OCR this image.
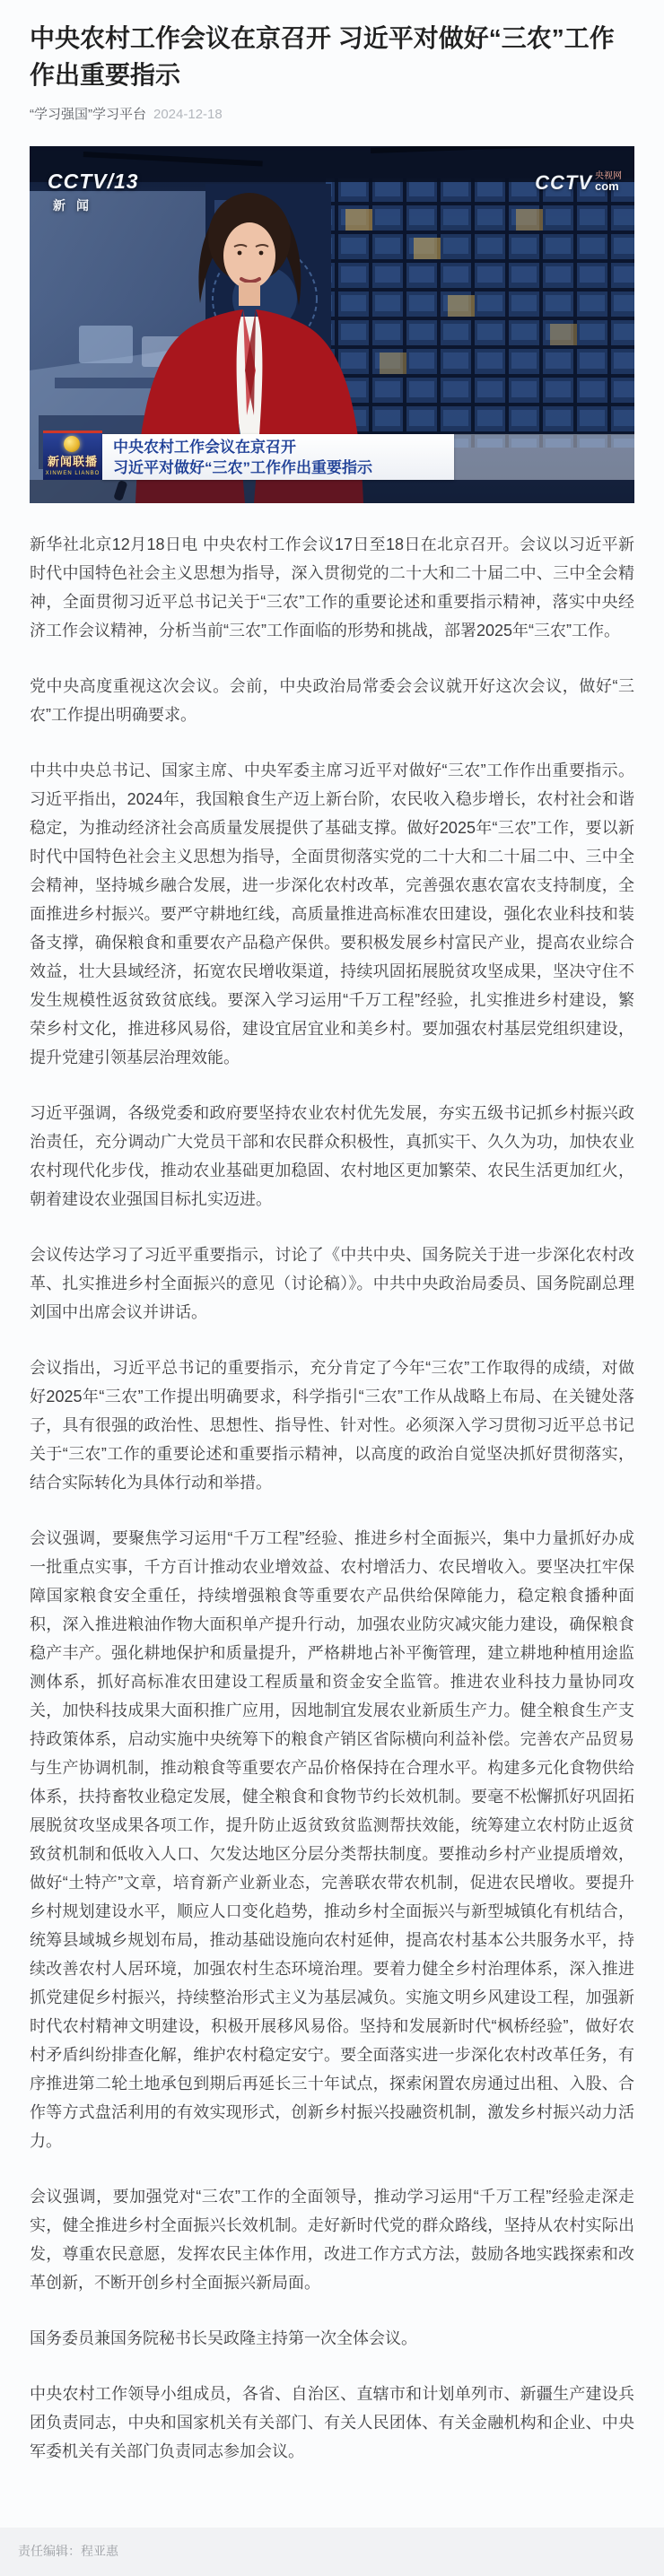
中央农村工作会议在京召开 习近平对做好“三农”工作作出重要指示
“学习强国”学习平台 2024-12-18
CCTV/13
新闻
CCTV 央视网
com
新闻联播
XINWEN LIANBO
中央农村工作会议在京召开
习近平对做好“三农”工作作出重要指示

新华社北京12月18日电 中央农村工作会议17日至18日在北京召开。会议以习近平新时代中国特色社会主义思想为指导，深入贯彻党的二十大和二十届二中、三中全会精神，全面贯彻习近平总书记关于“三农”工作的重要论述和重要指示精神，落实中央经济工作会议精神，分析当前“三农”工作面临的形势和挑战，部署2025年“三农”工作。

党中央高度重视这次会议。会前，中央政治局常委会会议就开好这次会议，做好“三农”工作提出明确要求。

中共中央总书记、国家主席、中央军委主席习近平对做好“三农”工作作出重要指示。习近平指出，2024年，我国粮食生产迈上新台阶，农民收入稳步增长，农村社会和谐稳定，为推动经济社会高质量发展提供了基础支撑。做好2025年“三农”工作，要以新时代中国特色社会主义思想为指导，全面贯彻落实党的二十大和二十届二中、三中全会精神，坚持城乡融合发展，进一步深化农村改革，完善强农惠农富农支持制度，全面推进乡村振兴。要严守耕地红线，高质量推进高标准农田建设，强化农业科技和装备支撑，确保粮食和重要农产品稳产保供。要积极发展乡村富民产业，提高农业综合效益，壮大县域经济，拓宽农民增收渠道，持续巩固拓展脱贫攻坚成果，坚决守住不发生规模性返贫致贫底线。要深入学习运用“千万工程”经验，扎实推进乡村建设，繁荣乡村文化，推进移风易俗，建设宜居宜业和美乡村。要加强农村基层党组织建设，提升党建引领基层治理效能。

习近平强调，各级党委和政府要坚持农业农村优先发展，夯实五级书记抓乡村振兴政治责任，充分调动广大党员干部和农民群众积极性，真抓实干、久久为功，加快农业农村现代化步伐，推动农业基础更加稳固、农村地区更加繁荣、农民生活更加红火，朝着建设农业强国目标扎实迈进。

会议传达学习了习近平重要指示，讨论了《中共中央、国务院关于进一步深化农村改革、扎实推进乡村全面振兴的意见（讨论稿）》。中共中央政治局委员、国务院副总理刘国中出席会议并讲话。

会议指出，习近平总书记的重要指示，充分肯定了今年“三农”工作取得的成绩，对做好2025年“三农”工作提出明确要求，科学指引“三农”工作从战略上布局、在关键处落子，具有很强的政治性、思想性、指导性、针对性。必须深入学习贯彻习近平总书记关于“三农”工作的重要论述和重要指示精神，以高度的政治自觉坚决抓好贯彻落实，结合实际转化为具体行动和举措。

会议强调，要聚焦学习运用“千万工程”经验、推进乡村全面振兴，集中力量抓好办成一批重点实事，千方百计推动农业增效益、农村增活力、农民增收入。要坚决扛牢保障国家粮食安全重任，持续增强粮食等重要农产品供给保障能力，稳定粮食播种面积，深入推进粮油作物大面积单产提升行动，加强农业防灾减灾能力建设，确保粮食稳产丰产。强化耕地保护和质量提升，严格耕地占补平衡管理，建立耕地种植用途监测体系，抓好高标准农田建设工程质量和资金安全监管。推进农业科技力量协同攻关，加快科技成果大面积推广应用，因地制宜发展农业新质生产力。健全粮食生产支持政策体系，启动实施中央统筹下的粮食产销区省际横向利益补偿。完善农产品贸易与生产协调机制，推动粮食等重要农产品价格保持在合理水平。构建多元化食物供给体系，扶持畜牧业稳定发展，健全粮食和食物节约长效机制。要毫不松懈抓好巩固拓展脱贫攻坚成果各项工作，提升防止返贫致贫监测帮扶效能，统筹建立农村防止返贫致贫机制和低收入人口、欠发达地区分层分类帮扶制度。要推动乡村产业提质增效，做好“土特产”文章，培育新产业新业态，完善联农带农机制，促进农民增收。要提升乡村规划建设水平，顺应人口变化趋势，推动乡村全面振兴与新型城镇化有机结合，统筹县域城乡规划布局，推动基础设施向农村延伸，提高农村基本公共服务水平，持续改善农村人居环境，加强农村生态环境治理。要着力健全乡村治理体系，深入推进抓党建促乡村振兴，持续整治形式主义为基层减负。实施文明乡风建设工程，加强新时代农村精神文明建设，积极开展移风易俗。坚持和发展新时代“枫桥经验”，做好农村矛盾纠纷排查化解，维护农村稳定安宁。要全面落实进一步深化农村改革任务，有序推进第二轮土地承包到期后再延长三十年试点，探索闲置农房通过出租、入股、合作等方式盘活利用的有效实现形式，创新乡村振兴投融资机制，激发乡村振兴动力活力。

会议强调，要加强党对“三农”工作的全面领导，推动学习运用“千万工程”经验走深走实，健全推进乡村全面振兴长效机制。走好新时代党的群众路线，坚持从农村实际出发，尊重农民意愿，发挥农民主体作用，改进工作方式方法，鼓励各地实践探索和改革创新，不断开创乡村全面振兴新局面。

国务委员兼国务院秘书长吴政隆主持第一次全体会议。

中央农村工作领导小组成员，各省、自治区、直辖市和计划单列市、新疆生产建设兵团负责同志，中央和国家机关有关部门、有关人民团体、有关金融机构和企业、中央军委机关有关部门负责同志参加会议。

责任编辑：程亚惠
